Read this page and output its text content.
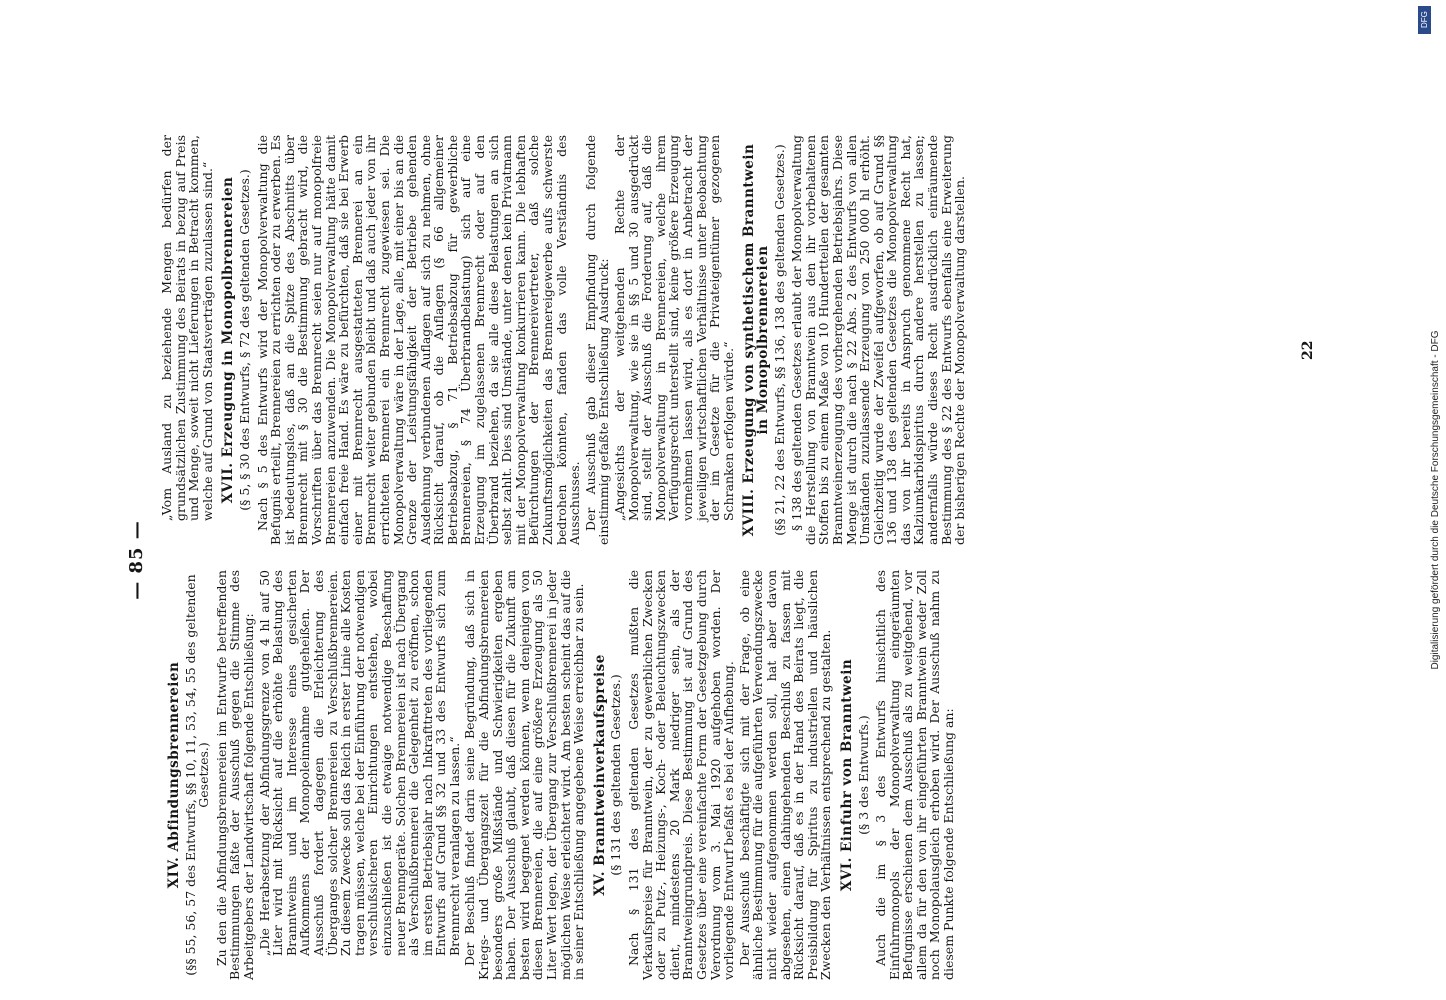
— 85 —
XIV. Abfindungsbrennereien (§§ 55, 56, 57 des Entwurfs, §§ 10, 11, 53, 54, 55 des geltenden Gesetzes.) Zu den die Abfindungsbrennereien im Entwurfe betreffenden Bestimmungen faßte der Ausschuß gegen die Stimme des Arbeitgebers der Landwirtschaft folgende Entschließung: „Die Herabsetzung der Abfindungsgrenze von 4 hl auf 50 Liter wird mit Rücksicht auf die erhöhte Belastung des Branntweins und im Interesse eines gesicherten Aufkommens der Monopoleinnahme gutgeheißen. Der Ausschuß fordert dagegen die Erleichterung des Überganges solcher Brennereien zu Verschlußbrennereien. Zu diesem Zwecke soll das Reich in erster Linie alle Kosten tragen müssen, welche bei der Einführung der notwendigen verschlußsicheren Einrichtungen entstehen, wobei einzuschließen ist die etwaige notwendige Beschaffung neuer Brenngeräte. Solchen Brennereien ist nach Übergang als Verschlußbrennerei die Gelegenheit zu eröffnen, schon im ersten Betriebsjahr nach Inkrafttreten des vorliegenden Entwurfs auf Grund §§ 32 und 33 des Entwurfs sich zum Brennrecht veranlagen zu lassen.“ Der Beschluß findet darin seine Begründung, daß sich in Kriegs- und Übergangszeit für die Abfindungsbrennereien besonders große Mißstände und Schwierigkeiten ergeben haben. Der Ausschuß glaubt, daß diesen für die Zukunft am besten wird begegnet werden können, wenn denjenigen von diesen Brennereien, die auf eine größere Erzeugung als 50 Liter Wert legen, der Übergang zur Verschlußbrennerei in jeder möglichen Weise erleichtert wird. Am besten scheint das auf die in seiner Entschließung angegebene Weise erreichbar zu sein. XV. Branntweinverkaufspreise (§ 131 des geltenden Gesetzes.) Nach § 131 des geltenden Gesetzes mußten die Verkaufspreise für Branntwein, der zu gewerblichen Zwecken oder zu Putz-, Heizungs-, Koch- oder Beleuchtungszwecken dient, mindestens 20 Mark niedriger sein, als der Branntweingrundpreis. Diese Bestimmung ist auf Grund des Gesetzes über eine vereinfachte Form der Gesetzgebung durch Verordnung vom 3. Mai 1920 aufgehoben worden. Der vorliegende Entwurf befaßt es bei der Aufhebung. Der Ausschuß beschäftigte sich mit der Frage, ob eine ähnliche Bestimmung für die aufgeführten Verwendungszwecke nicht wieder aufgenommen werden soll, hat aber davon abgesehen, einen dahingehenden Beschluß zu fassen mit Rücksicht darauf, daß es in der Hand des Beirats liegt, die Preisbildung für Spiritus zu industriellen und häuslichen Zwecken den Verhältnissen entsprechend zu gestalten. XVI. Einfuhr von Branntwein (§ 3 des Entwurfs.) Auch die im § 3 des Entwurfs hinsichtlich des Einfuhrmonopols der Monopolverwaltung eingeräumten Befugnisse erschienen dem Ausschuß als zu weitgehend, vor allem da für den von ihr eingeführten Branntwein weder Zoll noch Monopolausgleich erhoben wird. Der Ausschuß nahm zu diesem Punkte folgende Entschließung an:

„Vom Ausland zu beziehende Mengen bedürfen der grundsätzlichen Zustimmung des Beirats in bezug auf Preis und Menge, soweit nicht Lieferungen in Betracht kommen, welche auf Grund von Staatsverträgen zuzulassen sind.“ XVII. Erzeugung in Monopolbrennereien (§ 5, § 30 des Entwurfs, § 72 des geltenden Gesetzes.) Nach § 5 des Entwurfs wird der Monopolverwaltung die Befugnis erteilt, Brennereien zu errichten oder zu erwerben. Es ist bedeutungslos, daß an die Spitze des Abschnitts über Brennrecht mit § 30 die Bestimmung gebracht wird, die Vorschriften über das Brennrecht seien nur auf monopolfreie Brennereien anzuwenden. Die Monopolverwaltung hätte damit einfach freie Hand. Es wäre zu befürchten, daß sie bei Erwerb einer mit Brennrecht ausgestatteten Brennerei an ein Brennrecht weiter gebunden bleibt und daß auch jeder von ihr errichteten Brennerei ein Brennrecht zugewiesen sei. Die Monopolverwaltung wäre in der Lage, alle, mit einer bis an die Grenze der Leistungsfähigkeit der Betriebe gehenden Ausdehnung verbundenen Auflagen auf sich zu nehmen, ohne Rücksicht darauf, ob die Auflagen (§ 66 allgemeiner Betriebsabzug, § 71 Betriebsabzug für gewerbliche Brennereien, § 74 Überbrandbelastung) sich auf eine Erzeugung im zugelassenen Brennrecht oder auf den Überbrand beziehen, da sie alle diese Belastungen an sich selbst zahlt. Dies sind Umstände, unter denen kein Privatmann mit der Monopolverwaltung konkurrieren kann. Die lebhaften Befürchtungen der Brennereivertreter, daß solche Zukunftsmöglichkeiten das Brennereigewerbe aufs schwerste bedrohen könnten, fanden das volle Verständnis des Ausschusses. Der Ausschuß gab dieser Empfindung durch folgende einstimmig gefaßte Entschließung Ausdruck: „Angesichts der weitgehenden Rechte der Monopolverwaltung, wie sie in §§ 5 und 30 ausgedrückt sind, stellt der Ausschuß die Forderung auf, daß die Monopolverwaltung in Brennereien, welche ihrem Verfügungsrecht unterstellt sind, keine größere Erzeugung vornehmen lassen wird, als es dort in Anbetracht der jeweiligen wirtschaftlichen Verhältnisse unter Beobachtung der im Gesetze für die Privateigentümer gezogenen Schranken erfolgen würde.“ XVIII. Erzeugung von synthetischem Branntwein in Monopolbrennereien (§§ 21, 22 des Entwurfs, §§ 136, 138 des geltenden Gesetzes.) § 138 des geltenden Gesetzes erlaubt der Monopolverwaltung die Herstellung von Branntwein aus den ihr vorbehaltenen Stoffen bis zu einem Maße von 10 Hundertteilen der gesamten Branntweinerzeugung des vorhergehenden Betriebsjahrs. Diese Menge ist durch die nach § 22 Abs. 2 des Entwurfs von allen Umständen zuzulassende Erzeugung von 250 000 hl erhöht. Gleichzeitig wurde der Zweifel aufgeworfen, ob auf Grund §§ 136 und 138 des geltenden Gesetzes die Monopolverwaltung das von ihr bereits in Anspruch genommene Recht hat, Kalziumkarbidspiritus durch andere herstellen zu lassen; andernfalls würde dieses Recht ausdrücklich einräumende Bestimmung des § 22 des Entwurfs ebenfalls eine Erweiterung der bisherigen Rechte der Monopolverwaltung darstellen.	22	Digitalisierung gefördert durch die Deutsche Forschungsgemeinschaft - DFG
DFG
